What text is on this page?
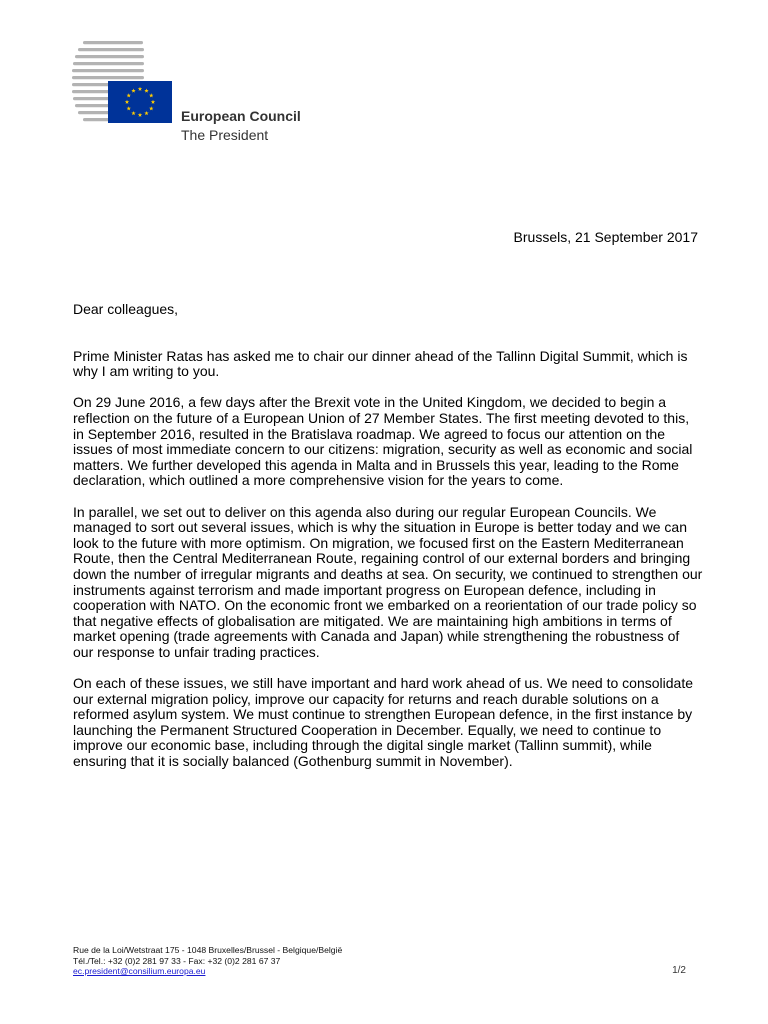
European Council
The President
Brussels, 21 September 2017

Dear colleagues,

Prime Minister Ratas has asked me to chair our dinner ahead of the Tallinn Digital Summit, which is why I am writing to you.

On 29 June 2016, a few days after the Brexit vote in the United Kingdom, we decided to begin a reflection on the future of a European Union of 27 Member States. The first meeting devoted to this, in September 2016, resulted in the Bratislava roadmap. We agreed to focus our attention on the issues of most immediate concern to our citizens: migration, security as well as economic and social matters. We further developed this agenda in Malta and in Brussels this year, leading to the Rome declaration, which outlined a more comprehensive vision for the years to come.

In parallel, we set out to deliver on this agenda also during our regular European Councils. We managed to sort out several issues, which is why the situation in Europe is better today and we can look to the future with more optimism. On migration, we focused first on the Eastern Mediterranean Route, then the Central Mediterranean Route, regaining control of our external borders and bringing down the number of irregular migrants and deaths at sea. On security, we continued to strengthen our instruments against terrorism and made important progress on European defence, including in cooperation with NATO. On the economic front we embarked on a reorientation of our trade policy so that negative effects of globalisation are mitigated. We are maintaining high ambitions in terms of market opening (trade agreements with Canada and Japan) while strengthening the robustness of our response to unfair trading practices.

On each of these issues, we still have important and hard work ahead of us. We need to consolidate our external migration policy, improve our capacity for returns and reach durable solutions on a reformed asylum system. We must continue to strengthen European defence, in the first instance by launching the Permanent Structured Cooperation in December. Equally, we need to continue to improve our economic base, including through the digital single market (Tallinn summit), while ensuring that it is socially balanced (Gothenburg summit in November).

Rue de la Loi/Wetstraat 175 - 1048 Bruxelles/Brussel - Belgique/België
Tél./Tel.: +32 (0)2 281 97 33 - Fax: +32 (0)2 281 67 37
ec.president@consilium.europa.eu	1/2
